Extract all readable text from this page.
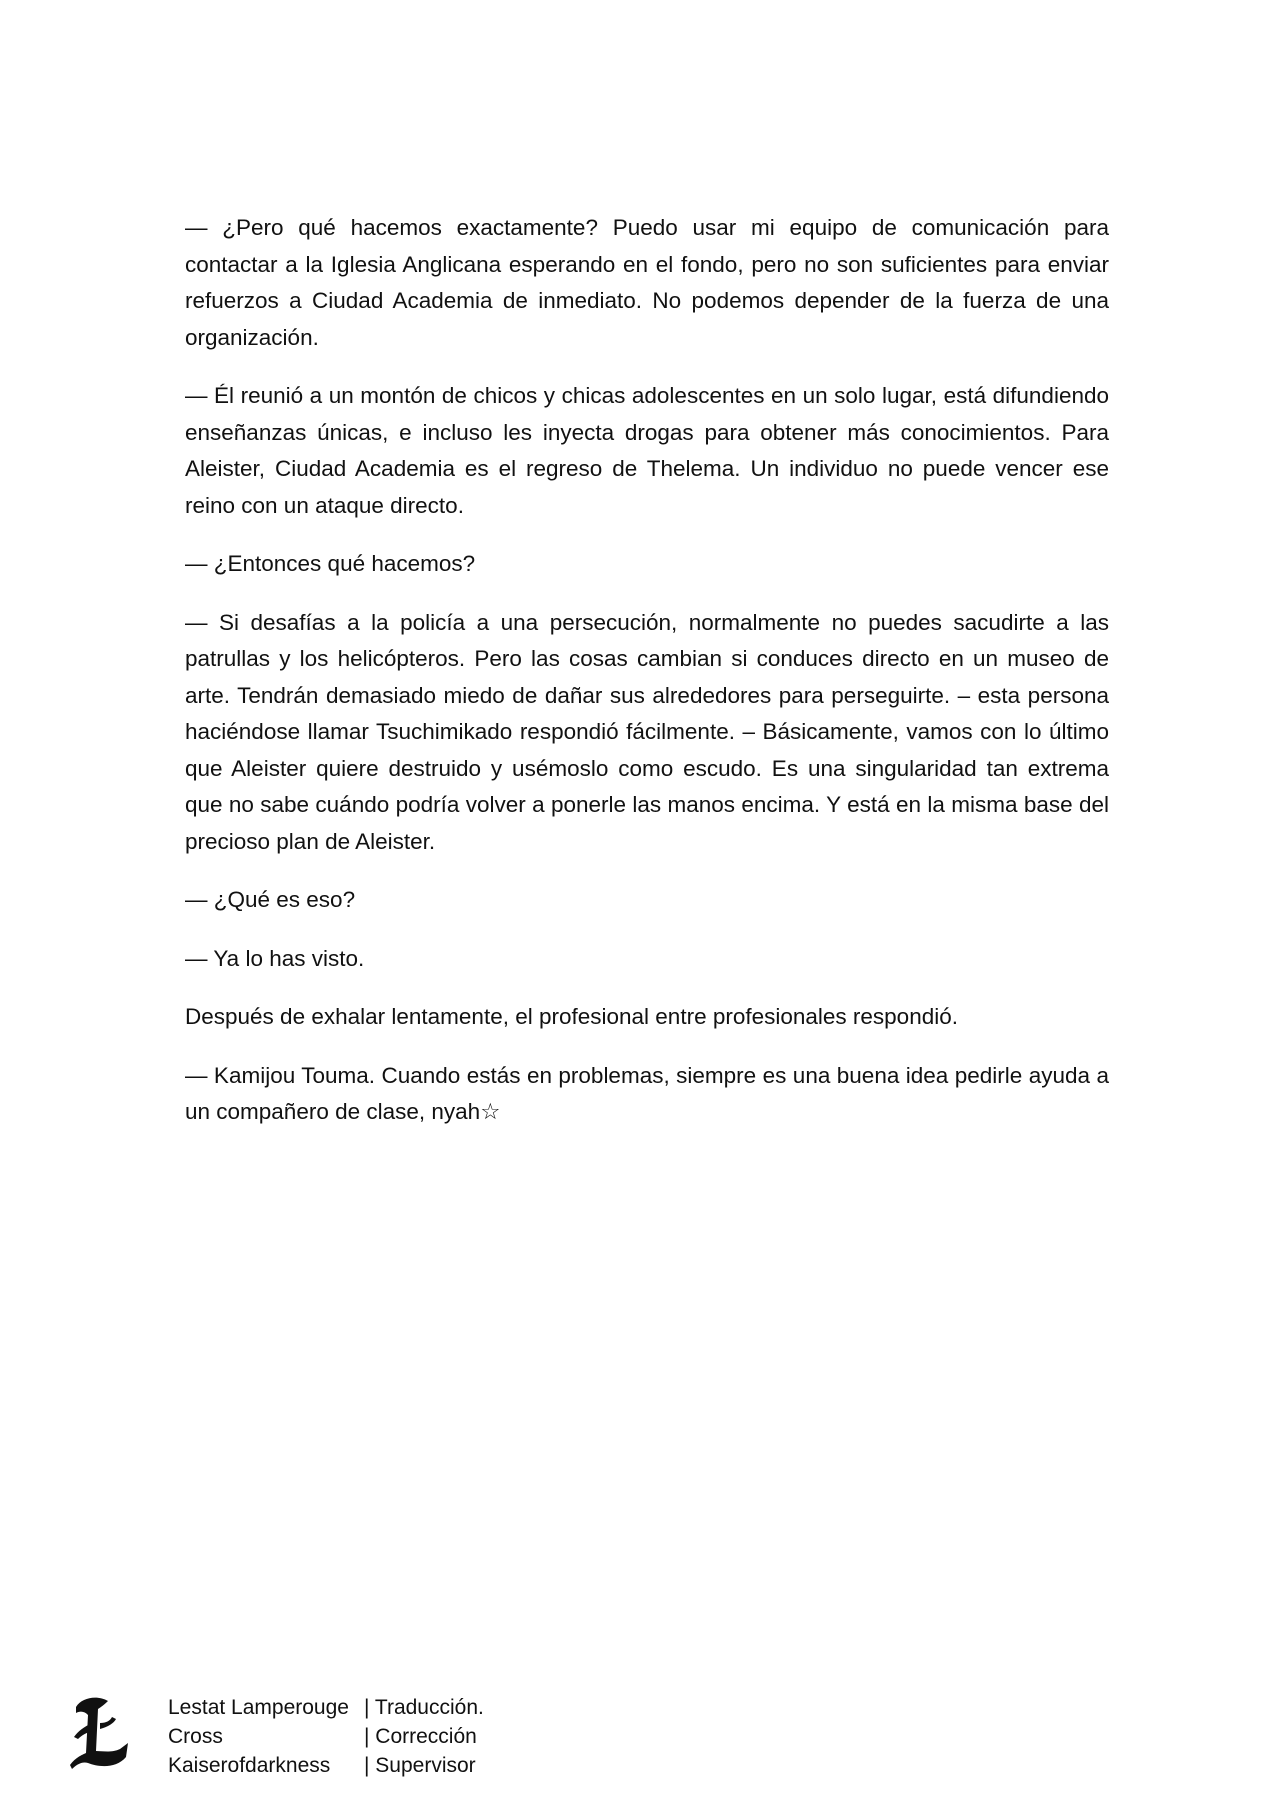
— ¿Pero qué hacemos exactamente? Puedo usar mi equipo de comunicación para contactar a la Iglesia Anglicana esperando en el fondo, pero no son suficientes para enviar refuerzos a Ciudad Academia de inmediato. No podemos depender de la fuerza de una organización.

— Él reunió a un montón de chicos y chicas adolescentes en un solo lugar, está difundiendo enseñanzas únicas, e incluso les inyecta drogas para obtener más conocimientos. Para Aleister, Ciudad Academia es el regreso de Thelema. Un individuo no puede vencer ese reino con un ataque directo.

— ¿Entonces qué hacemos?

— Si desafías a la policía a una persecución, normalmente no puedes sacudirte a las patrullas y los helicópteros. Pero las cosas cambian si conduces directo en un museo de arte. Tendrán demasiado miedo de dañar sus alrededores para perseguirte. – esta persona haciéndose llamar Tsuchimikado respondió fácilmente. – Básicamente, vamos con lo último que Aleister quiere destruido y usémoslo como escudo. Es una singularidad tan extrema que no sabe cuándo podría volver a ponerle las manos encima. Y está en la misma base del precioso plan de Aleister.

— ¿Qué es eso?

— Ya lo has visto.

Después de exhalar lentamente, el profesional entre profesionales respondió.

— Kamijou Touma. Cuando estás en problemas, siempre es una buena idea pedirle ayuda a un compañero de clase, nyah☆

Lestat Lamperouge | Traducción.
Cross	| Corrección
Kaiserofdarkness	| Supervisor
